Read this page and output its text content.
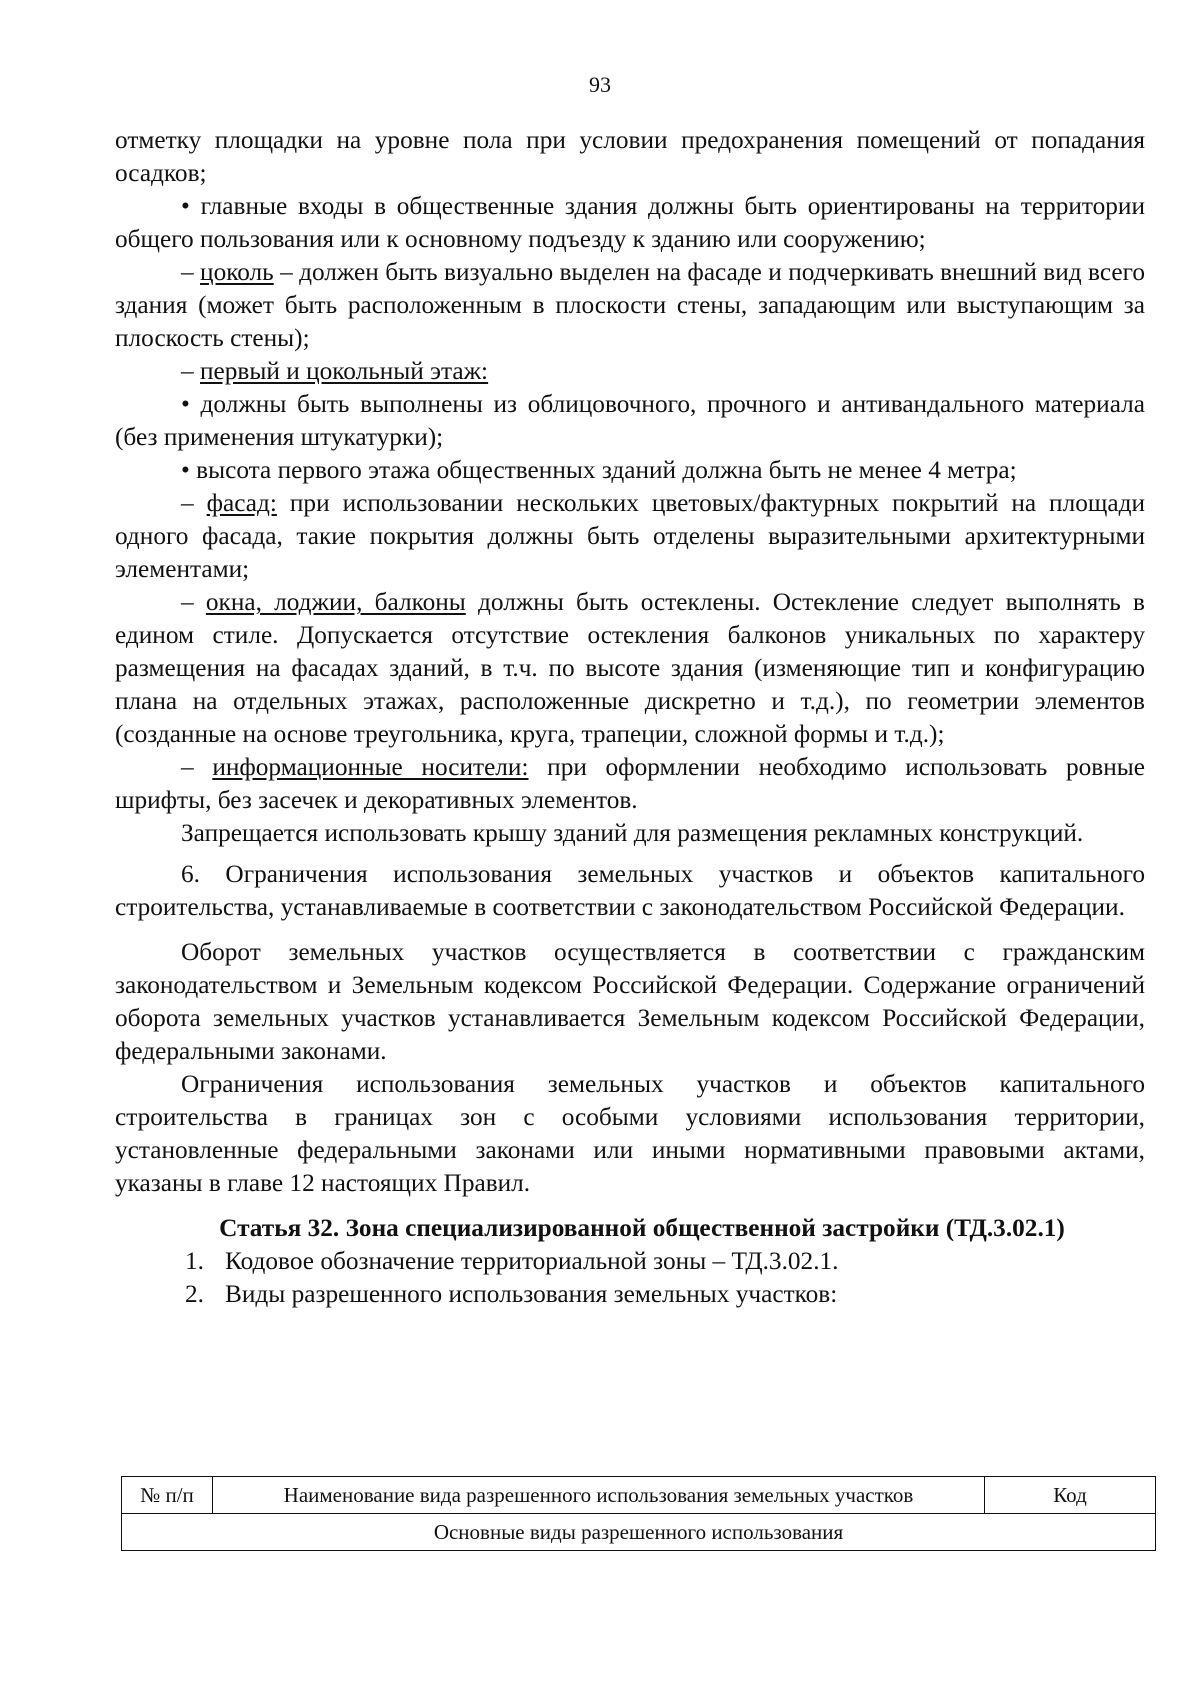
93

отметку площадки на уровне пола при условии предохранения помещений от попадания осадков;

• главные входы в общественные здания должны быть ориентированы на территории общего пользования или к основному подъезду к зданию или сооружению;

– цоколь – должен быть визуально выделен на фасаде и подчеркивать внешний вид всего здания (может быть расположенным в плоскости стены, западающим или выступающим за плоскость стены);

– первый и цокольный этаж:

• должны быть выполнены из облицовочного, прочного и антивандального материала (без применения штукатурки);

• высота первого этажа общественных зданий должна быть не менее 4 метра;

– фасад: при использовании нескольких цветовых/фактурных покрытий на площади одного фасада, такие покрытия должны быть отделены выразительными архитектурными элементами;

– окна, лоджии, балконы должны быть остеклены. Остекление следует выполнять в едином стиле. Допускается отсутствие остекления балконов уникальных по характеру размещения на фасадах зданий, в т.ч. по высоте здания (изменяющие тип и конфигурацию плана на отдельных этажах, расположенные дискретно и т.д.), по геометрии элементов (созданные на основе треугольника, круга, трапеции, сложной формы и т.д.);

– информационные носители: при оформлении необходимо использовать ровные шрифты, без засечек и декоративных элементов.

Запрещается использовать крышу зданий для размещения рекламных конструкций.

6. Ограничения использования земельных участков и объектов капитального строительства, устанавливаемые в соответствии с законодательством Российской Федерации.

Оборот земельных участков осуществляется в соответствии с гражданским законодательством и Земельным кодексом Российской Федерации. Содержание ограничений оборота земельных участков устанавливается Земельным кодексом Российской Федерации, федеральными законами.

Ограничения использования земельных участков и объектов капитального строительства в границах зон с особыми условиями использования территории, установленные федеральными законами или иными нормативными правовыми актами, указаны в главе 12 настоящих Правил.

Статья 32. Зона специализированной общественной застройки (ТД.3.02.1)

1. Кодовое обозначение территориальной зоны – ТД.3.02.1.

2. Виды разрешенного использования земельных участков:

№ п/п	Наименование вида разрешенного использования земельных участков	Код
Основные виды разрешенного использования
